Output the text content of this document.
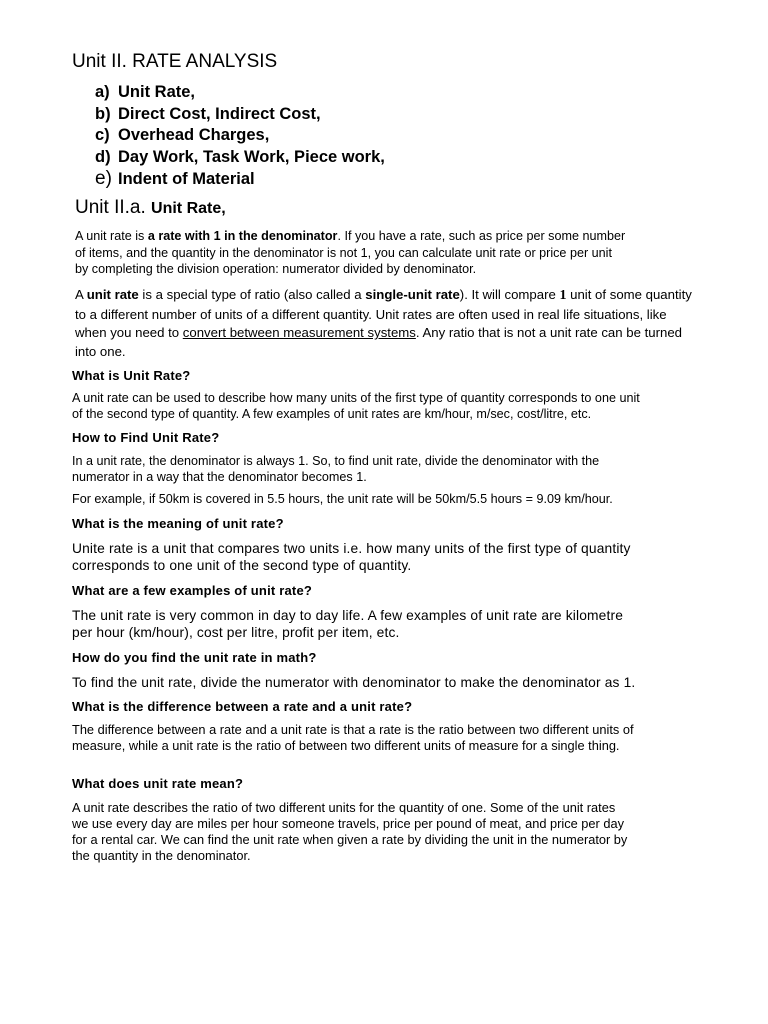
Unit II. RATE ANALYSIS
a) Unit Rate,
b) Direct Cost, Indirect Cost,
c) Overhead Charges,
d) Day Work, Task Work, Piece work,
e) Indent of Material
Unit II.a. Unit Rate,

A unit rate is a rate with 1 in the denominator. If you have a rate, such as price per some number
of items, and the quantity in the denominator is not 1, you can calculate unit rate or price per unit
by completing the division operation: numerator divided by denominator.

A unit rate is a special type of ratio (also called a single-unit rate). It will compare 1 unit of some quantity
to a different number of units of a different quantity. Unit rates are often used in real life situations, like
when you need to convert between measurement systems. Any ratio that is not a unit rate can be turned
into one.

What is Unit Rate?

A unit rate can be used to describe how many units of the first type of quantity corresponds to one unit
of the second type of quantity. A few examples of unit rates are km/hour, m/sec, cost/litre, etc.

How to Find Unit Rate?

In a unit rate, the denominator is always 1. So, to find unit rate, divide the denominator with the
numerator in a way that the denominator becomes 1.

For example, if 50km is covered in 5.5 hours, the unit rate will be 50km/5.5 hours = 9.09 km/hour.

What is the meaning of unit rate?

Unite rate is a unit that compares two units i.e. how many units of the first type of quantity
corresponds to one unit of the second type of quantity.

What are a few examples of unit rate?

The unit rate is very common in day to day life. A few examples of unit rate are kilometre
per hour (km/hour), cost per litre, profit per item, etc.

How do you find the unit rate in math?

To find the unit rate, divide the numerator with denominator to make the denominator as 1.

What is the difference between a rate and a unit rate?

The difference between a rate and a unit rate is that a rate is the ratio between two different units of
measure, while a unit rate is the ratio of between two different units of measure for a single thing.

What does unit rate mean?

A unit rate describes the ratio of two different units for the quantity of one. Some of the unit rates
we use every day are miles per hour someone travels, price per pound of meat, and price per day
for a rental car. We can find the unit rate when given a rate by dividing the unit in the numerator by
the quantity in the denominator.
